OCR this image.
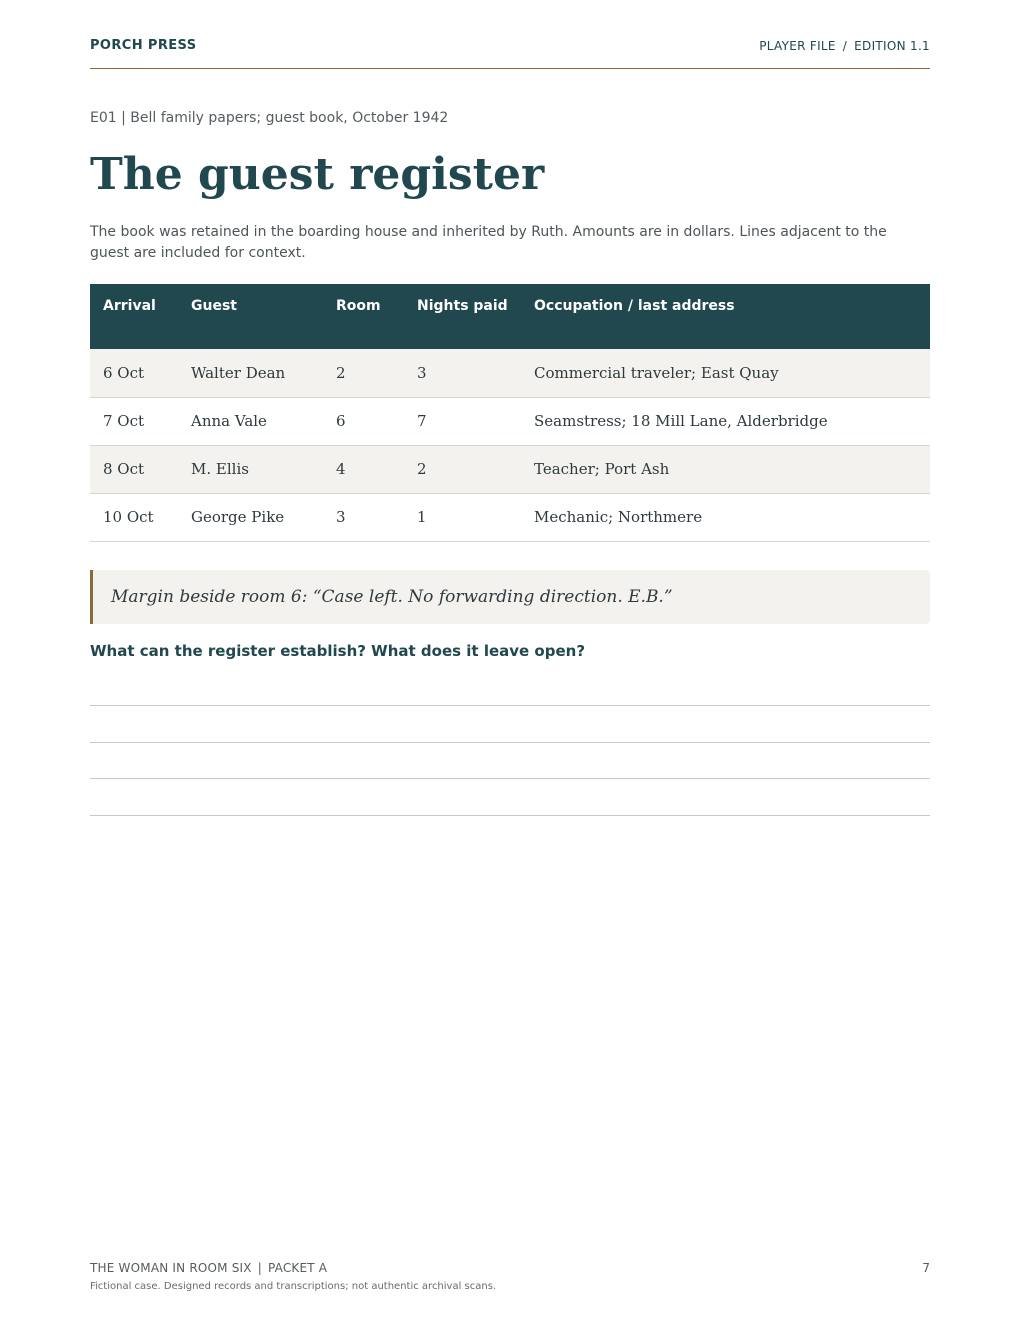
PORCH PRESS	PLAYER FILE / EDITION 1.1
E01 | Bell family papers; guest book, October 1942
The guest register

The book was retained in the boarding house and inherited by Ruth. Amounts are in dollars. Lines adjacent to the guest are included for context.

Arrival	Guest	Room	Nights paid	Occupation / last address
6 Oct	Walter Dean	2	3	Commercial traveler; East Quay
7 Oct	Anna Vale	6	7	Seamstress; 18 Mill Lane, Alderbridge
8 Oct	M. Ellis	4	2	Teacher; Port Ash
10 Oct	George Pike	3	1	Mechanic; Northmere
Margin beside room 6: “Case left. No forwarding direction. E.B.”
What can the register establish? What does it leave open?
THE WOMAN IN ROOM SIX | PACKET A	7
Fictional case. Designed records and transcriptions; not authentic archival scans.
